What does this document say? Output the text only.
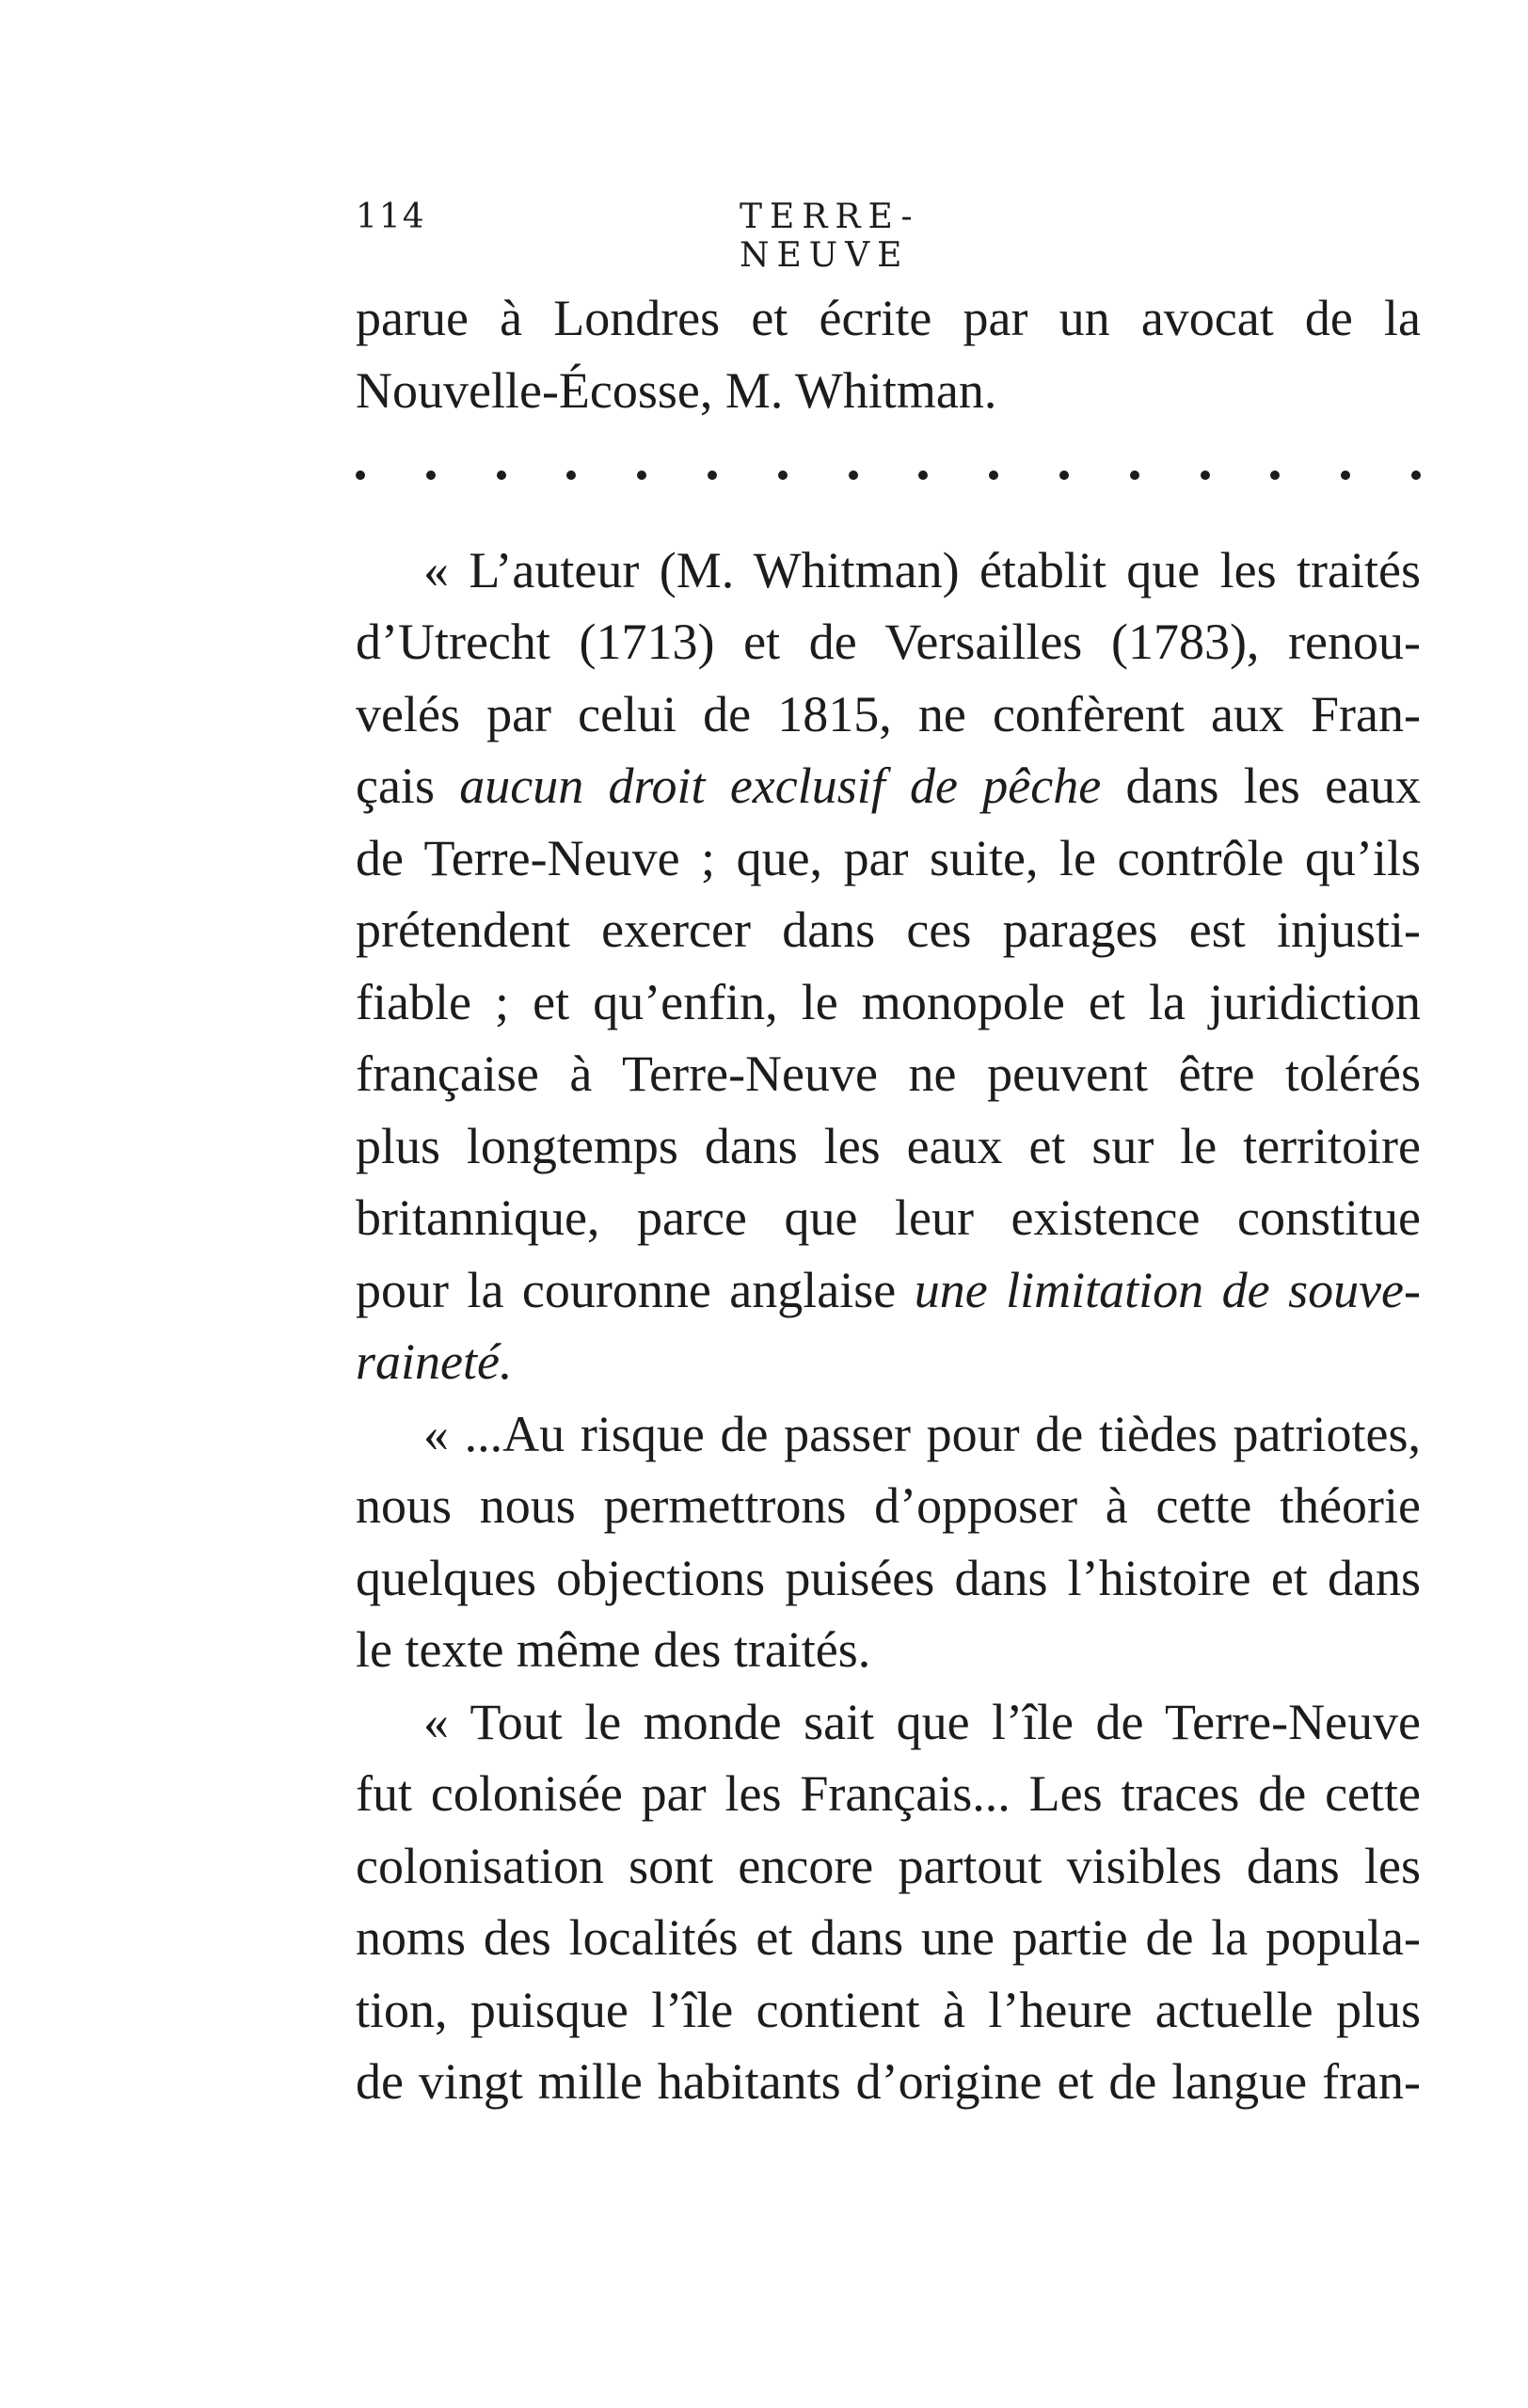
114	TERRE-NEUVE
parue à Londres et écrite par un avocat de la
Nouvelle-Écosse, M. Whitman.
« L’auteur (M. Whitman) établit que les traités
d’Utrecht (1713) et de Versailles (1783), renou-
velés par celui de 1815, ne confèrent aux Fran-
çais aucun droit exclusif de pêche dans les eaux
de Terre-Neuve ; que, par suite, le contrôle qu’ils
prétendent exercer dans ces parages est injusti-
fiable ; et qu’enfin, le monopole et la juridiction
française à Terre-Neuve ne peuvent être tolérés
plus longtemps dans les eaux et sur le territoire
britannique, parce que leur existence constitue
pour la couronne anglaise une limitation de souve-
raineté.
« ...Au risque de passer pour de tièdes patriotes,
nous nous permettrons d’opposer à cette théorie
quelques objections puisées dans l’histoire et dans
le texte même des traités.
« Tout le monde sait que l’île de Terre-Neuve
fut colonisée par les Français... Les traces de cette
colonisation sont encore partout visibles dans les
noms des localités et dans une partie de la popula-
tion, puisque l’île contient à l’heure actuelle plus
de vingt mille habitants d’origine et de langue fran-
